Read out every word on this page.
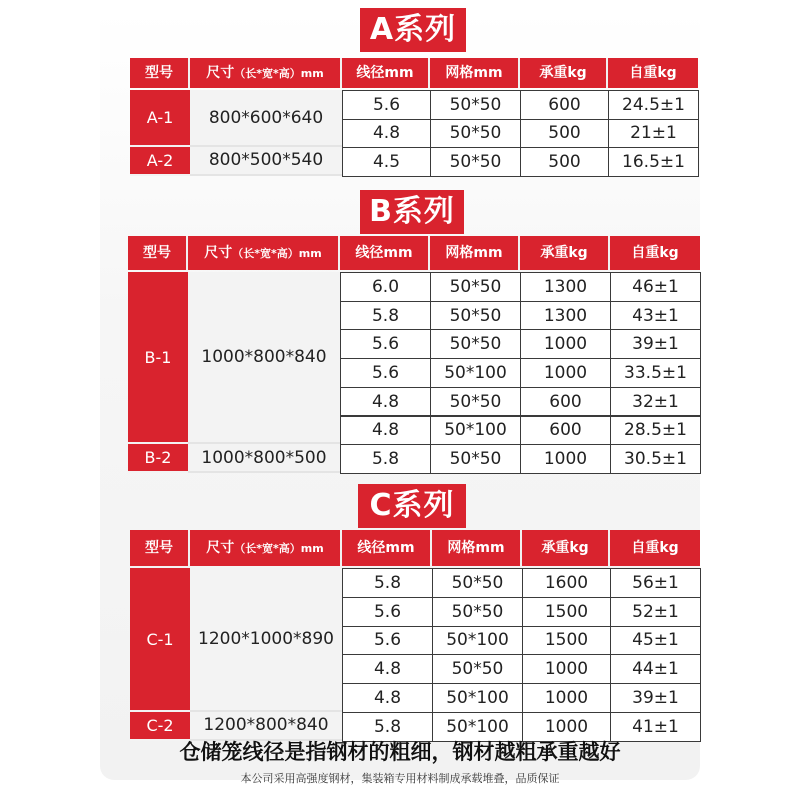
A系列
型号	尺寸（长*宽*高）mm	线径mm	网格mm	承重kg	自重kg
A-1	800*600*640
5.6	50*50	600	24.5±1
4.8	50*50	500	21±1
A-2	800*500*540	4.5	50*50	500	16.5±1
B系列
型号	尺寸（长*宽*高）mm	线径mm	网格mm	承重kg	自重kg
B-1	1000*800*840
6.0	50*50	1300	46±1
5.8	50*50	1300	43±1
5.6	50*50	1000	39±1
5.6	50*100	1000	33.5±1
4.8	50*50	600	32±1
4.8	50*100	600	28.5±1
B-2	1000*800*500	5.8	50*50	1000	30.5±1
C系列
型号	尺寸（长*宽*高）mm	线径mm	网格mm	承重kg	自重kg
C-1	1200*1000*890
5.8	50*50	1600	56±1
5.6	50*50	1500	52±1
5.6	50*100	1500	45±1
4.8	50*50	1000	44±1
4.8	50*100	1000	39±1
C-2	1200*800*840	5.8	50*100	1000	41±1
仓储笼线径是指钢材的粗细，钢材越粗承重越好
本公司采用高强度钢材，集装箱专用材料制成承载堆叠，品质保证
